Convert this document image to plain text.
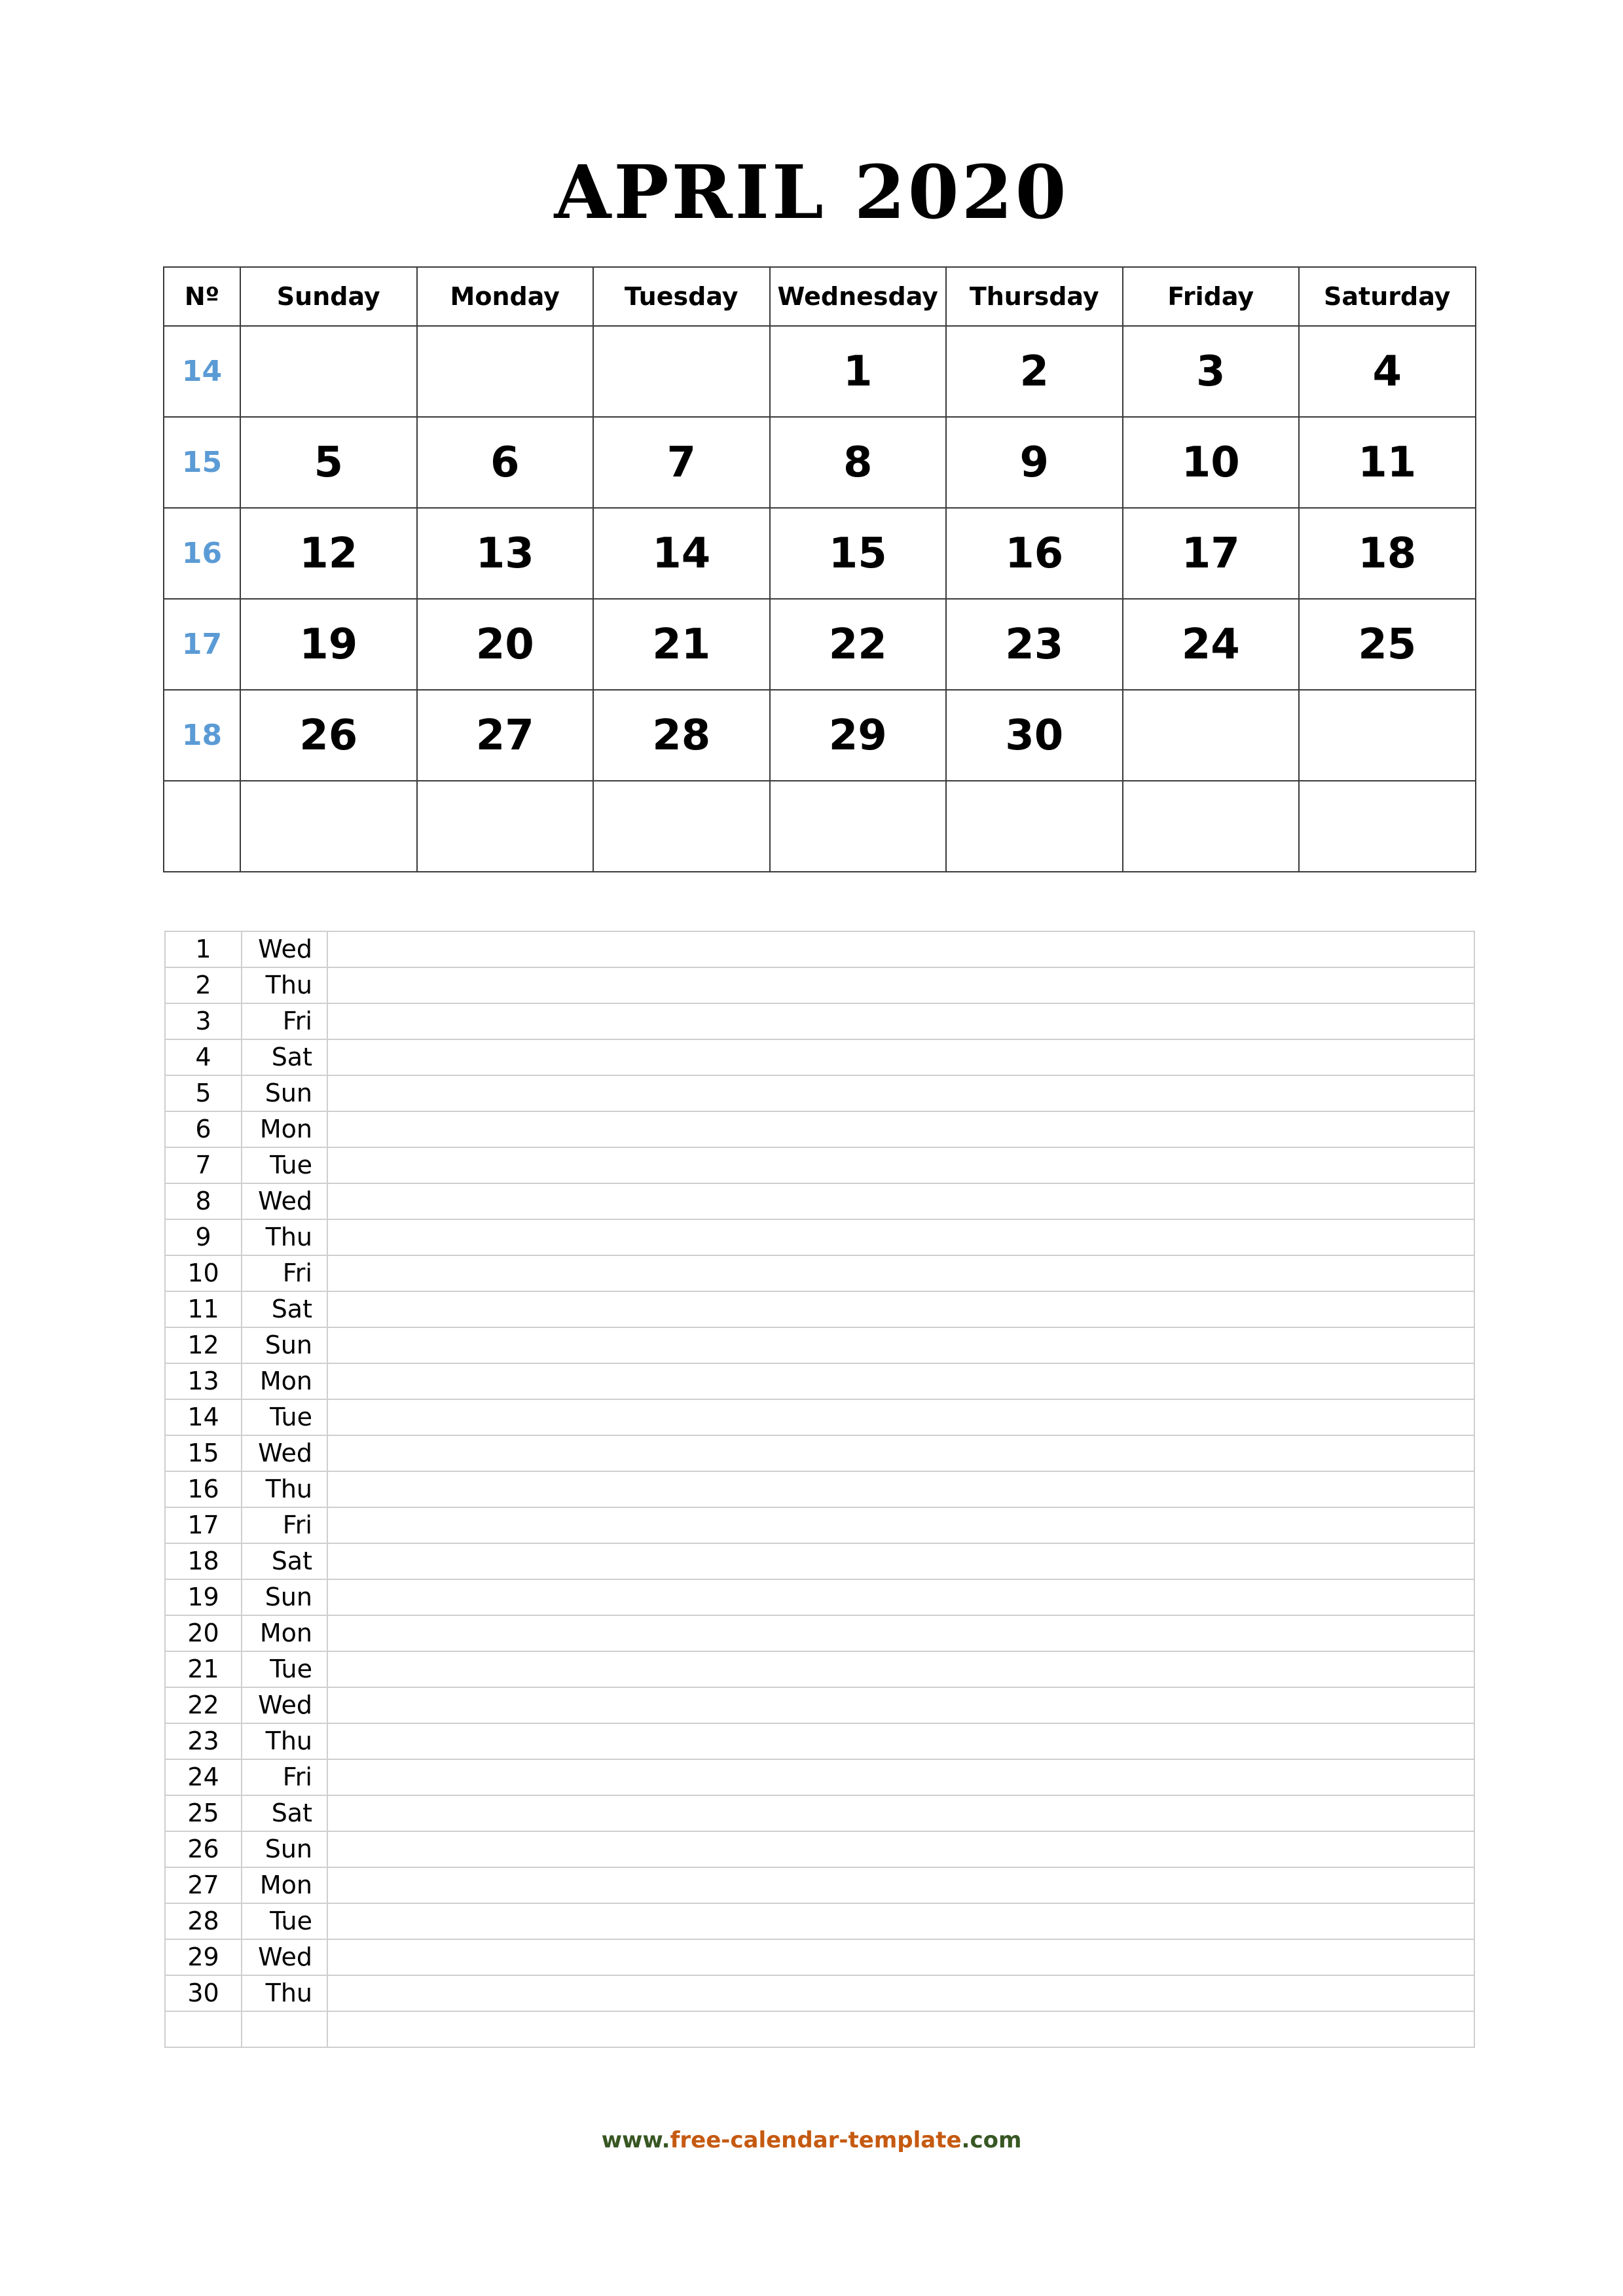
APRIL 2020
Nº	Sunday	Monday	Tuesday	Wednesday	Thursday	Friday	Saturday
14				1	2	3	4
15	5	6	7	8	9	10	11
16	12	13	14	15	16	17	18
17	19	20	21	22	23	24	25
18	26	27	28	29	30		

1	Wed	
2	Thu	
3	Fri	
4	Sat	
5	Sun	
6	Mon	
7	Tue	
8	Wed	
9	Thu	
10	Fri	
11	Sat	
12	Sun	
13	Mon	
14	Tue	
15	Wed	
16	Thu	
17	Fri	
18	Sat	
19	Sun	
20	Mon	
21	Tue	
22	Wed	
23	Thu	
24	Fri	
25	Sat	
26	Sun	
27	Mon	
28	Tue	
29	Wed	
30	Thu	

www.free-calendar-template.com
